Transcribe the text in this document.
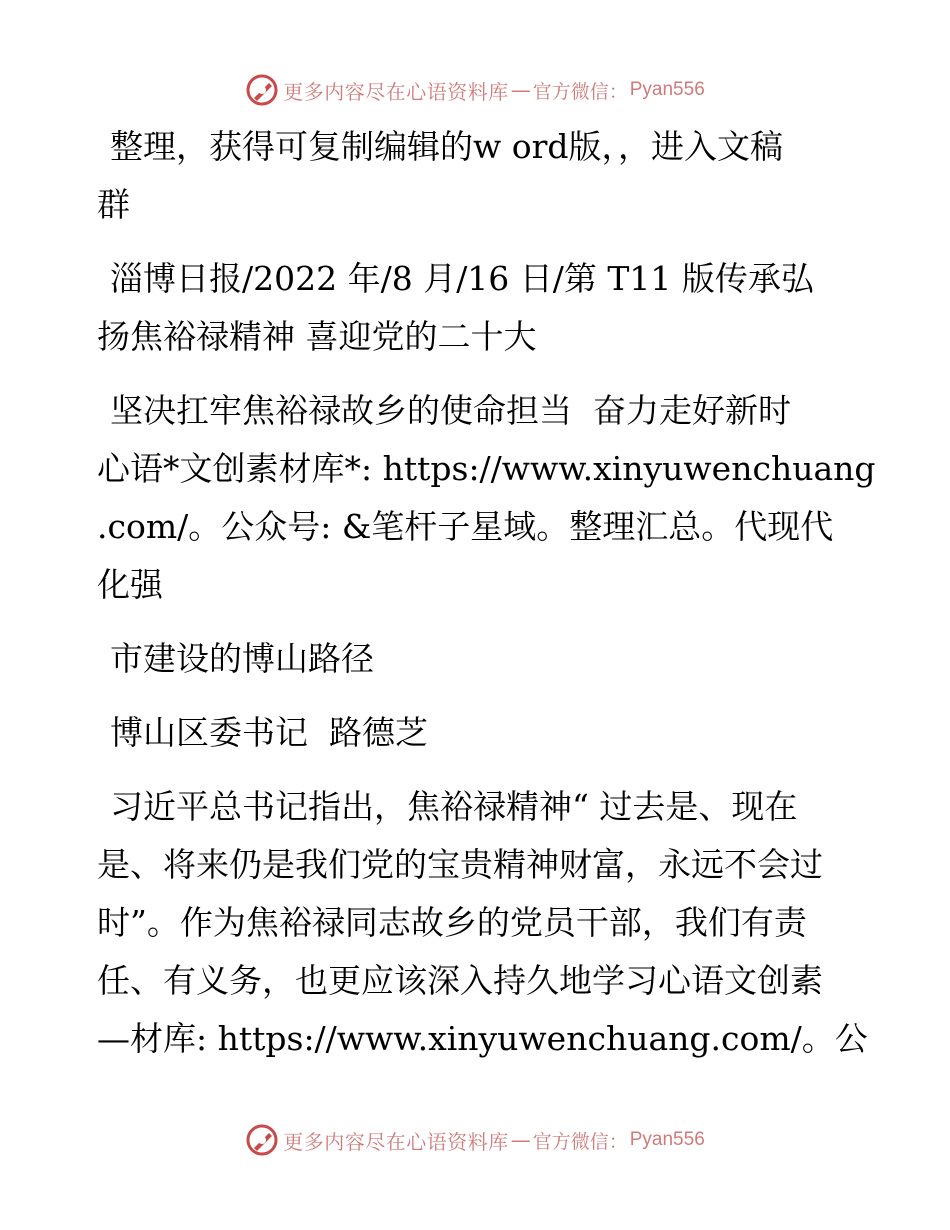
更多内容尽在心语资料库 — 官方微信： Pyan556

整理，获得可复制编辑的w ord版，，进入文稿
群

淄博日报/2022 年/8 月/16 日/第 T11 版传承弘
扬焦裕禄精神 喜迎党的二十大

坚决扛牢焦裕禄故乡的使命担当  奋力走好新时
心语*文创素材库*: https://www.xinyuwenchuang
.com/。公众号: &笔杆子星域。整理汇总。代现代
化强

市建设的博山路径

博山区委书记  路德芝

习近平总书记指出，焦裕禄精神“ 过去是、现在
是、将来仍是我们党的宝贵精神财富，永远不会过
时”。作为焦裕禄同志故乡的党员干部，我们有责
任、有义务，也更应该深入持久地学习心语文创素
—材库: https://www.xinyuwenchuang.com/。公

更多内容尽在心语资料库 — 官方微信： Pyan556
